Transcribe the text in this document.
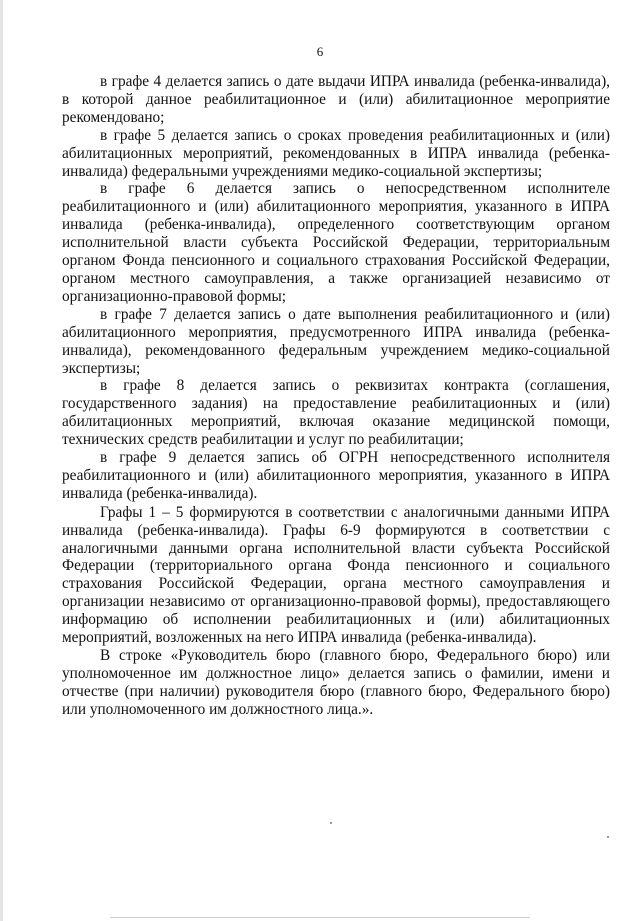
6

в графе 4 делается запись о дате выдачи ИПРА инвалида (ребенка-инвалида), в которой данное реабилитационное и (или) абилитационное мероприятие рекомендовано;

в графе 5 делается запись о сроках проведения реабилитационных и (или) абилитационных мероприятий, рекомендованных в ИПРА инвалида (ребенка-инвалида) федеральными учреждениями медико-социальной экспертизы;

в графе 6 делается запись о непосредственном исполнителе реабилитационного и (или) абилитационного мероприятия, указанного в ИПРА инвалида (ребенка-инвалида), определенного соответствующим органом исполнительной власти субъекта Российской Федерации, территориальным органом Фонда пенсионного и социального страхования Российской Федерации, органом местного самоуправления, а также организацией независимо от организационно-правовой формы;

в графе 7 делается запись о дате выполнения реабилитационного и (или) абилитационного мероприятия, предусмотренного ИПРА инвалида (ребенка-инвалида), рекомендованного федеральным учреждением медико-социальной экспертизы;

в графе 8 делается запись о реквизитах контракта (соглашения, государственного задания) на предоставление реабилитационных и (или) абилитационных мероприятий, включая оказание медицинской помощи, технических средств реабилитации и услуг по реабилитации;

в графе 9 делается запись об ОГРН непосредственного исполнителя реабилитационного и (или) абилитационного мероприятия, указанного в ИПРА инвалида (ребенка-инвалида).

Графы 1 – 5 формируются в соответствии с аналогичными данными ИПРА инвалида (ребенка-инвалида). Графы 6-9 формируются в соответствии с аналогичными данными органа исполнительной власти субъекта Российской Федерации (территориального органа Фонда пенсионного и социального страхования Российской Федерации, органа местного самоуправления и организации независимо от организационно-правовой формы), предоставляющего информацию об исполнении реабилитационных и (или) абилитационных мероприятий, возложенных на него ИПРА инвалида (ребенка-инвалида).

В строке «Руководитель бюро (главного бюро, Федерального бюро) или уполномоченное им должностное лицо» делается запись о фамилии, имени и отчестве (при наличии) руководителя бюро (главного бюро, Федерального бюро) или уполномоченного им должностного лица.».
